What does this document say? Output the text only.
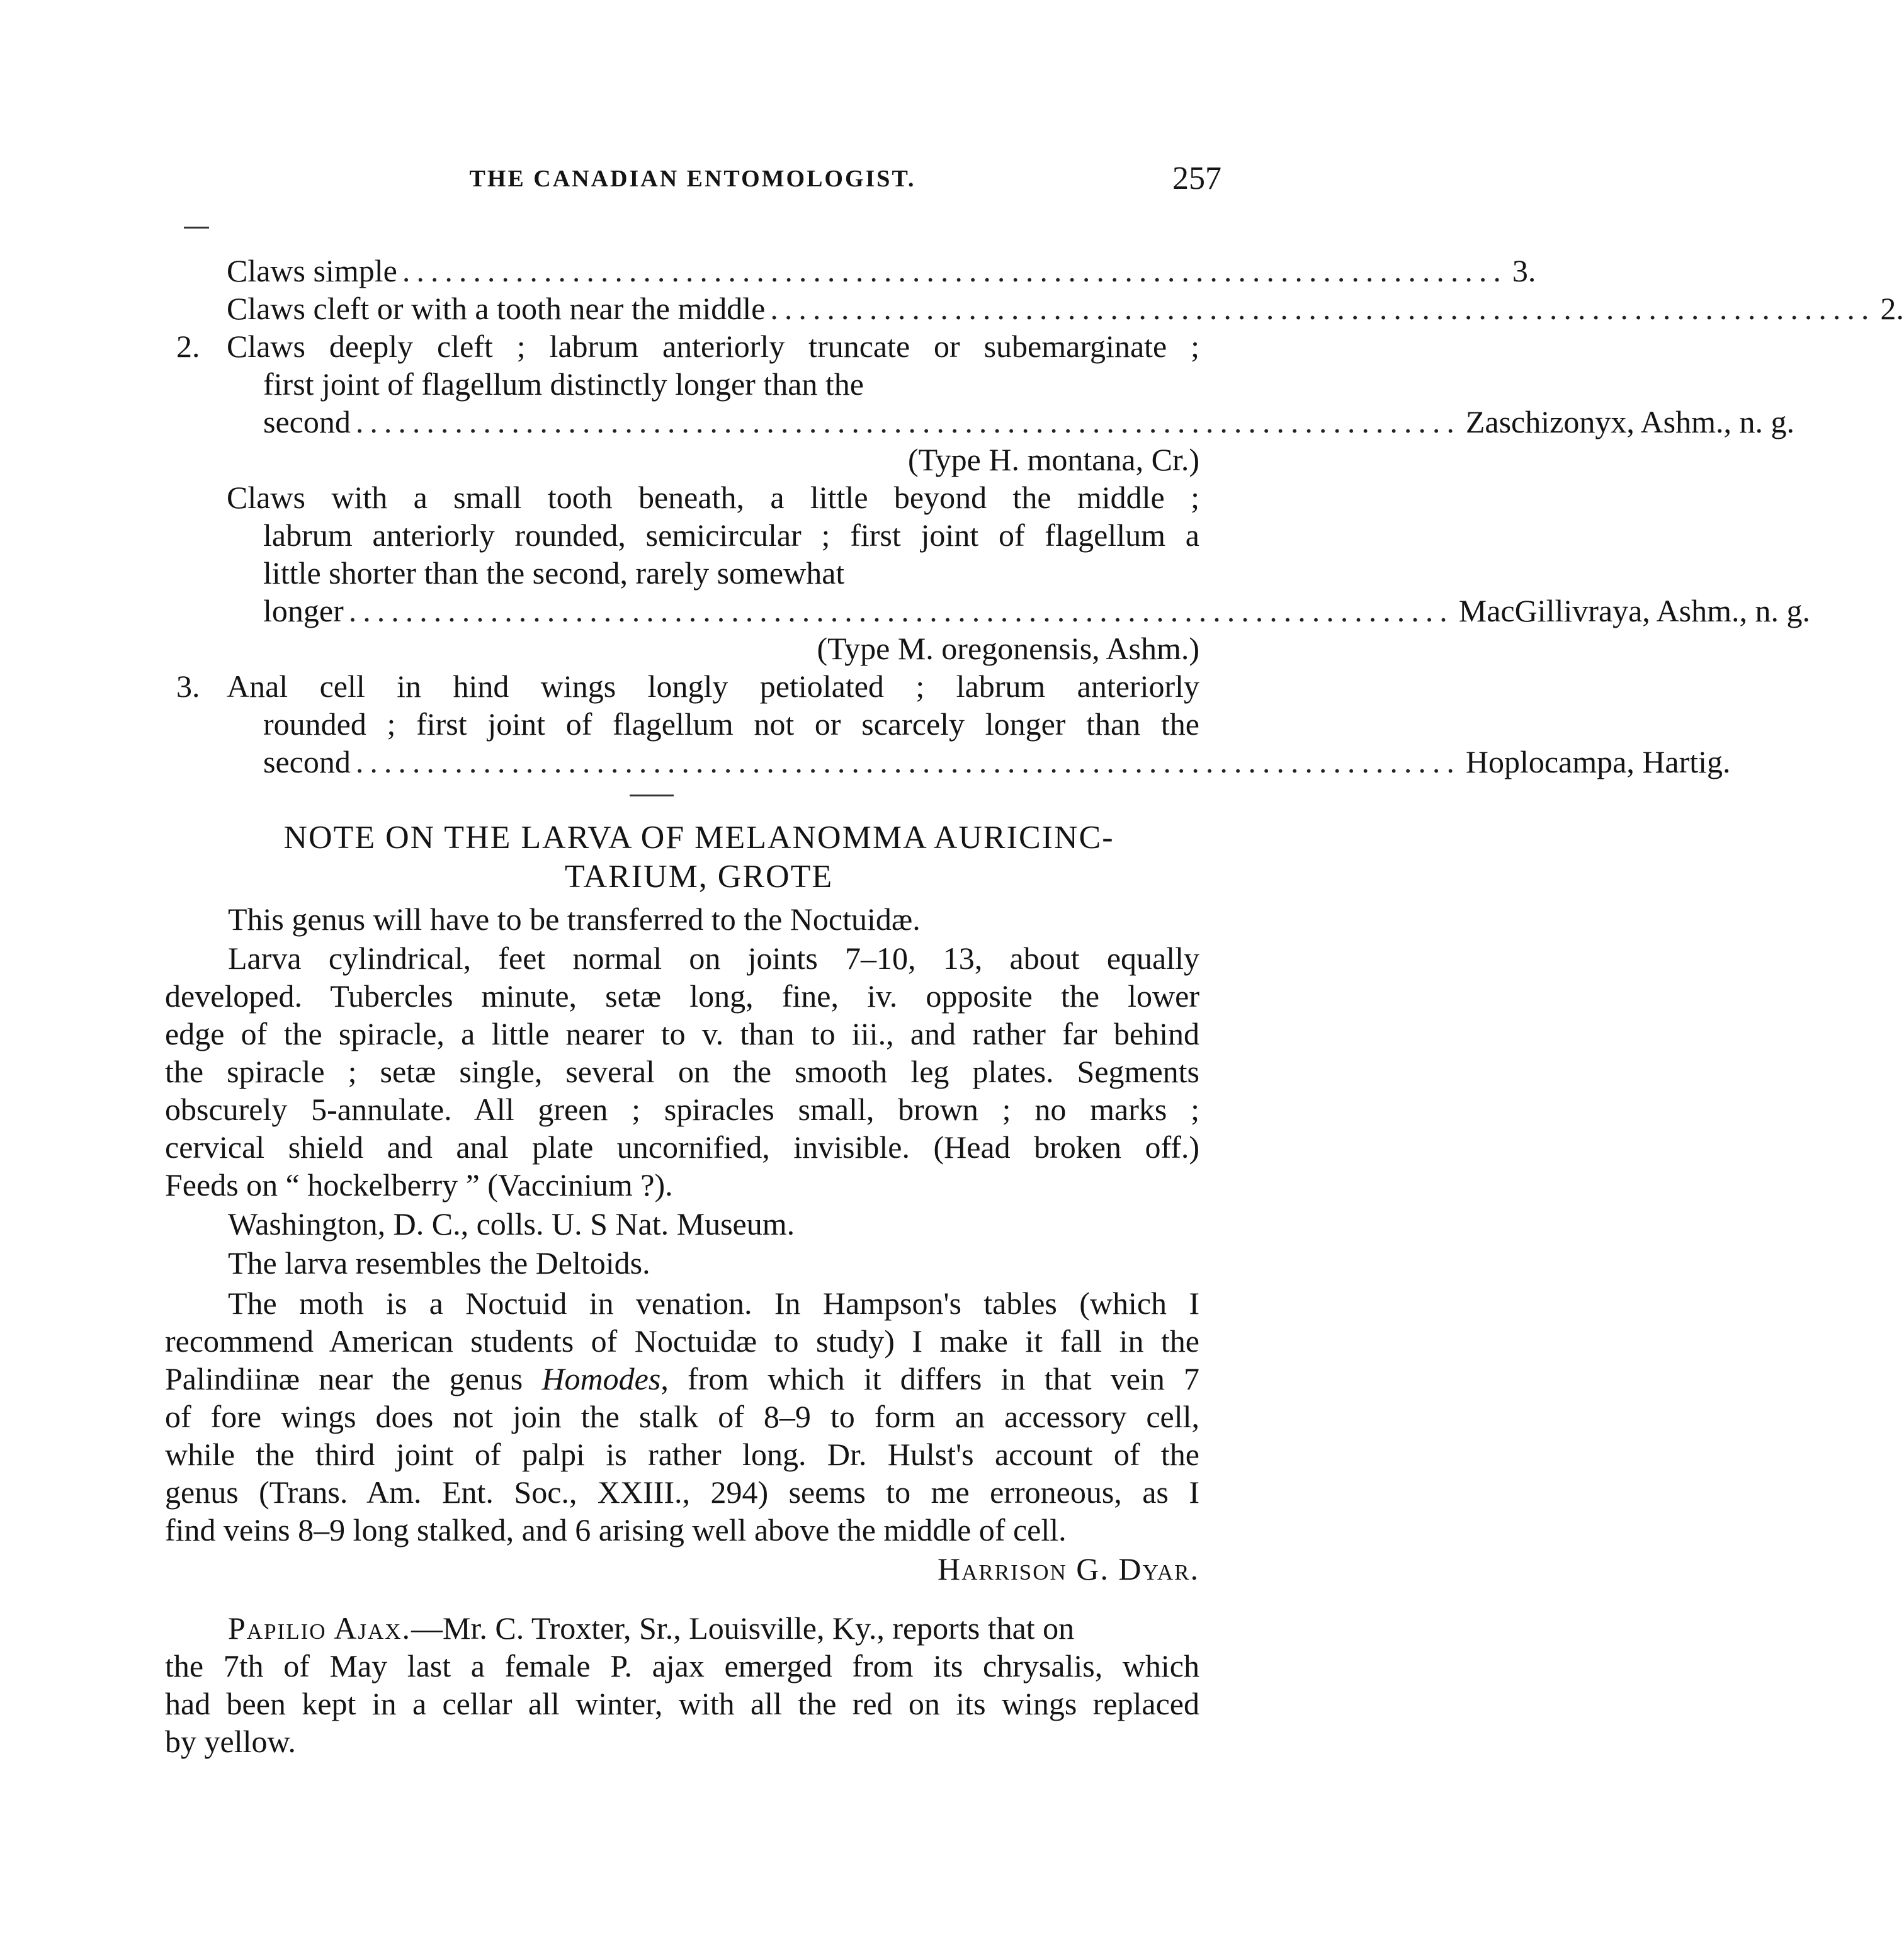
THE CANADIAN ENTOMOLOGIST.	257
Claws simple .............................................................................. 3.
Claws cleft or with a tooth near the middle .............................................................................. 2.
2. Claws deeply cleft ; labrum anteriorly truncate or subemarginate ;
first joint of flagellum distinctly longer than the
second .............................................................................. Zaschizonyx, Ashm., n. g.
(Type H. montana, Cr.)
Claws with a small tooth beneath, a little beyond the middle ;
labrum anteriorly rounded, semicircular ; first joint of flagellum a
little shorter than the second, rarely somewhat
longer .............................................................................. MacGillivraya, Ashm., n. g.
(Type M. oregonensis, Ashm.)
3. Anal cell in hind wings longly petiolated ; labrum anteriorly
rounded ; first joint of flagellum not or scarcely longer than the
second .............................................................................. Hoplocampa, Hartig.
NOTE ON THE LARVA OF MELANOMMA AURICINC-
TARIUM, GROTE
This genus will have to be transferred to the Noctuidæ.
Larva cylindrical, feet normal on joints 7–10, 13, about equally
developed. Tubercles minute, setæ long, fine, iv. opposite the lower
edge of the spiracle, a little nearer to v. than to iii., and rather far behind
the spiracle ; setæ single, several on the smooth leg plates. Segments
obscurely 5-annulate. All green ; spiracles small, brown ; no marks ;
cervical shield and anal plate uncornified, invisible. (Head broken off.)
Feeds on “ hockelberry ” (Vaccinium ?).
Washington, D. C., colls. U. S Nat. Museum.
The larva resembles the Deltoids.
The moth is a Noctuid in venation. In Hampson's tables (which I
recommend American students of Noctuidæ to study) I make it fall in the
Palindiinæ near the genus Homodes, from which it differs in that vein 7
of fore wings does not join the stalk of 8–9 to form an accessory cell,
while the third joint of palpi is rather long. Dr. Hulst's account of the
genus (Trans. Am. Ent. Soc., XXIII., 294) seems to me erroneous, as I
find veins 8–9 long stalked, and 6 arising well above the middle of cell.
Harrison G. Dyar.
Papilio Ajax.—Mr. C. Troxter, Sr., Louisville, Ky., reports that on
the 7th of May last a female P. ajax emerged from its chrysalis, which
had been kept in a cellar all winter, with all the red on its wings replaced
by yellow.
